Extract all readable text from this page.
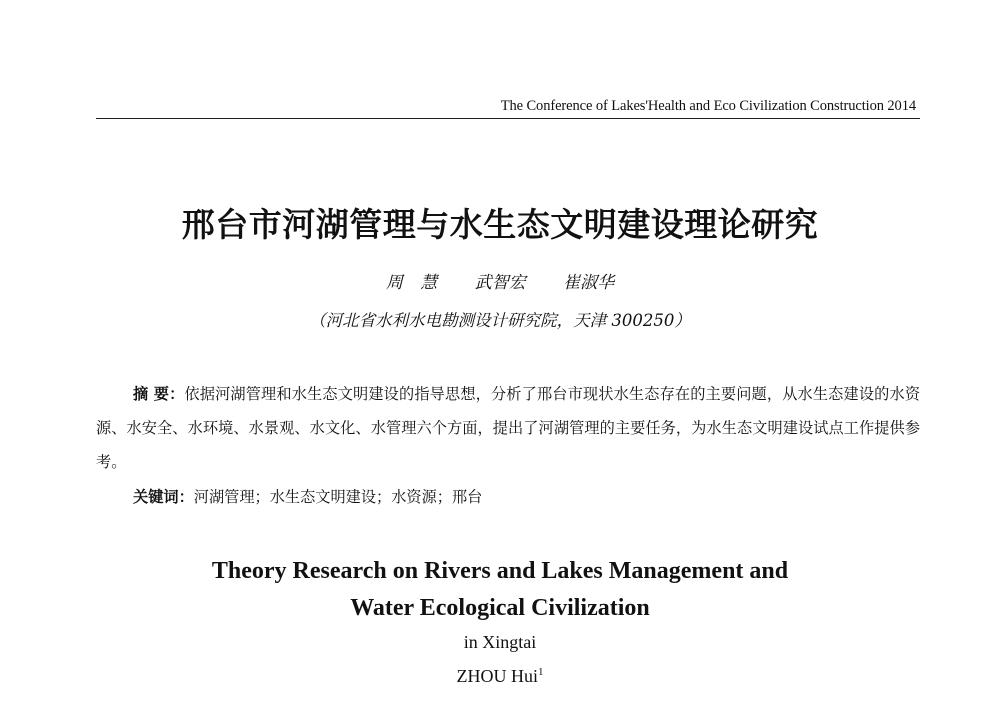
The Conference of Lakes'Health and Eco Civilization Construction 2014
邢台市河湖管理与水生态文明建设理论研究
周 慧 武智宏 崔淑华
（河北省水利水电勘测设计研究院，天津 300250）
摘 要：依据河湖管理和水生态文明建设的指导思想，分析了邢台市现状水生态存在的主要问题，从水生态建设的水资源、水安全、水环境、水景观、水文化、水管理六个方面，提出了河湖管理的主要任务，为水生态文明建设试点工作提供参考。
关键词：河湖管理；水生态文明建设；水资源；邢台
Theory Research on Rivers and Lakes Management and
Water Ecological Civilization
in Xingtai
ZHOU Hui$^1$
